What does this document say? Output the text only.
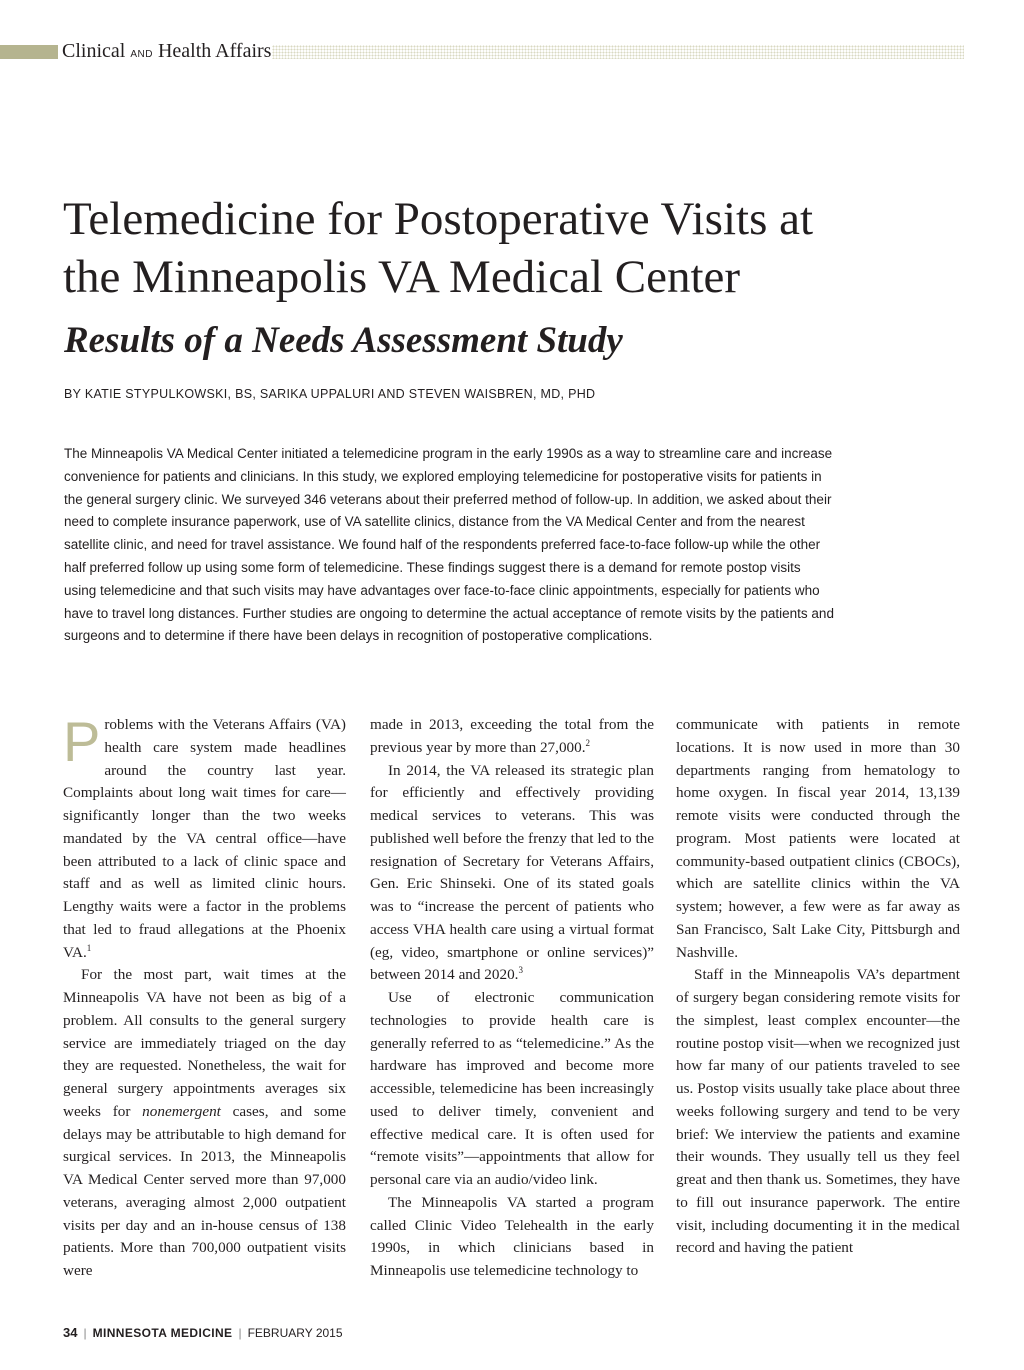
Clinical AND Health Affairs
Telemedicine for Postoperative Visits at
the Minneapolis VA Medical Center
Results of a Needs Assessment Study
BY KATIE STYPULKOWSKI, BS, SARIKA UPPALURI AND STEVEN WAISBREN, MD, PHD
The Minneapolis VA Medical Center initiated a telemedicine program in the early 1990s as a way to streamline care and increase convenience for patients and clinicians. In this study, we explored employing telemedicine for postoperative visits for patients in the general surgery clinic. We surveyed 346 veterans about their preferred method of follow-up. In addition, we asked about their need to complete insurance paperwork, use of VA satellite clinics, distance from the VA Medical Center and from the nearest satellite clinic, and need for travel assistance. We found half of the respondents preferred face-to-face follow-up while the other half preferred follow up using some form of telemedicine. These findings suggest there is a demand for remote postop visits using telemedicine and that such visits may have advantages over face-to-face clinic appointments, especially for patients who have to travel long distances. Further studies are ongoing to determine the actual acceptance of remote visits by the patients and surgeons and to determine if there have been delays in recognition of postoperative complications.

Problems with the Veterans Affairs (VA) health care system made headlines around the country last year. Complaints about long wait times for care—significantly longer than the two weeks mandated by the VA central office—have been attributed to a lack of clinic space and staff and as well as limited clinic hours. Lengthy waits were a factor in the problems that led to fraud allegations at the Phoenix VA.$^1$

For the most part, wait times at the Minneapolis VA have not been as big of a problem. All consults to the general surgery service are immediately triaged on the day they are requested. Nonetheless, the wait for general surgery appointments averages six weeks for nonemergent cases, and some delays may be attributable to high demand for surgical services. In 2013, the Minneapolis VA Medical Center served more than 97,000 veterans, averaging almost 2,000 outpatient visits per day and an in-house census of 138 patients. More than 700,000 outpatient visits were

made in 2013, exceeding the total from the previous year by more than 27,000.$^2$

In 2014, the VA released its strategic plan for efficiently and effectively providing medical services to veterans. This was published well before the frenzy that led to the resignation of Secretary for Veterans Affairs, Gen. Eric Shinseki. One of its stated goals was to “increase the percent of patients who access VHA health care using a virtual format (eg, video, smartphone or online services)” between 2014 and 2020.$^3$

Use of electronic communication technologies to provide health care is generally referred to as “telemedicine.” As the hardware has improved and become more accessible, telemedicine has been increasingly used to deliver timely, convenient and effective medical care. It is often used for “remote visits”—appointments that allow for personal care via an audio/video link.

The Minneapolis VA started a program called Clinic Video Telehealth in the early 1990s, in which clinicians based in Minneapolis use telemedicine technology to

communicate with patients in remote locations. It is now used in more than 30 departments ranging from hematology to home oxygen. In fiscal year 2014, 13,139 remote visits were conducted through the program. Most patients were located at community-based outpatient clinics (CBOCs), which are satellite clinics within the VA system; however, a few were as far away as San Francisco, Salt Lake City, Pittsburgh and Nashville.

Staff in the Minneapolis VA’s department of surgery began considering remote visits for the simplest, least complex encounter—the routine postop visit—when we recognized just how far many of our patients traveled to see us. Postop visits usually take place about three weeks following surgery and tend to be very brief: We interview the patients and examine their wounds. They usually tell us they feel great and then thank us. Sometimes, they have to fill out insurance paperwork. The entire visit, including documenting it in the medical record and having the patient

34 | MINNESOTA MEDICINE | FEBRUARY 2015
